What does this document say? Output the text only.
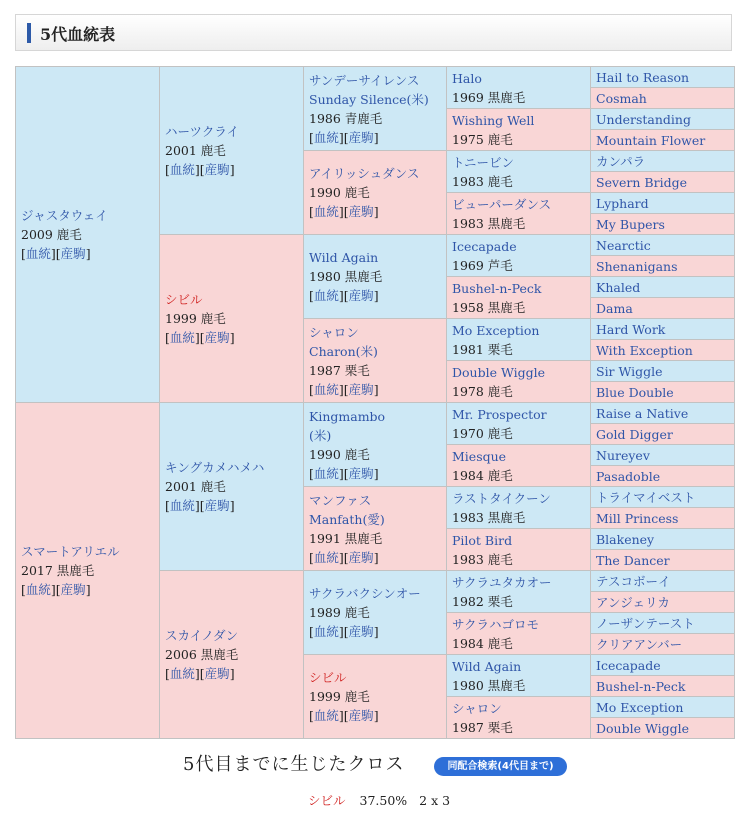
5代血統表
ジャスタウェイ
2009 鹿毛
[血統][産駒]	ハーツクライ
2001 鹿毛
[血統][産駒]	サンデーサイレンス
Sunday Silence(米)
1986 青鹿毛
[血統][産駒]	Halo
1969 黒鹿毛	Hail to Reason

				Cosmah

			Wishing Well
1975 鹿毛	Understanding

				Mountain Flower

		アイリッシュダンス
1990 鹿毛
[血統][産駒]	トニービン
1983 鹿毛	カンパラ

				Severn Bridge

			ビューパーダンス
1983 黒鹿毛	Lyphard

				My Bupers

	シビル
1999 鹿毛
[血統][産駒]	Wild Again
1980 黒鹿毛
[血統][産駒]	Icecapade
1969 芦毛	Nearctic

				Shenanigans

			Bushel-n-Peck
1958 黒鹿毛	Khaled

				Dama

		シャロン
Charon(米)
1987 栗毛
[血統][産駒]	Mo Exception
1981 栗毛	Hard Work

				With Exception

			Double Wiggle
1978 鹿毛	Sir Wiggle

				Blue Double

スマートアリエル
2017 黒鹿毛
[血統][産駒]	キングカメハメハ
2001 鹿毛
[血統][産駒]	Kingmambo
(米)
1990 鹿毛
[血統][産駒]	Mr. Prospector
1970 鹿毛	Raise a Native

				Gold Digger

			Miesque
1984 鹿毛	Nureyev

				Pasadoble

		マンファス
Manfath(愛)
1991 黒鹿毛
[血統][産駒]	ラストタイクーン
1983 黒鹿毛	トライマイベスト

				Mill Princess

			Pilot Bird
1983 鹿毛	Blakeney

				The Dancer

	スカイノダン
2006 黒鹿毛
[血統][産駒]	サクラバクシンオー
1989 鹿毛
[血統][産駒]	サクラユタカオー
1982 栗毛	テスコボーイ

				アンジェリカ

			サクラハゴロモ
1984 鹿毛	ノーザンテースト

				クリアアンバー

		シビル
1999 鹿毛
[血統][産駒]	Wild Again
1980 黒鹿毛	Icecapade

				Bushel-n-Peck

			シャロン
1987 栗毛	Mo Exception

				Double Wiggle
5代目までに生じたクロス	同配合検索(4代目まで)
シビル 37.50% 2 x 3
